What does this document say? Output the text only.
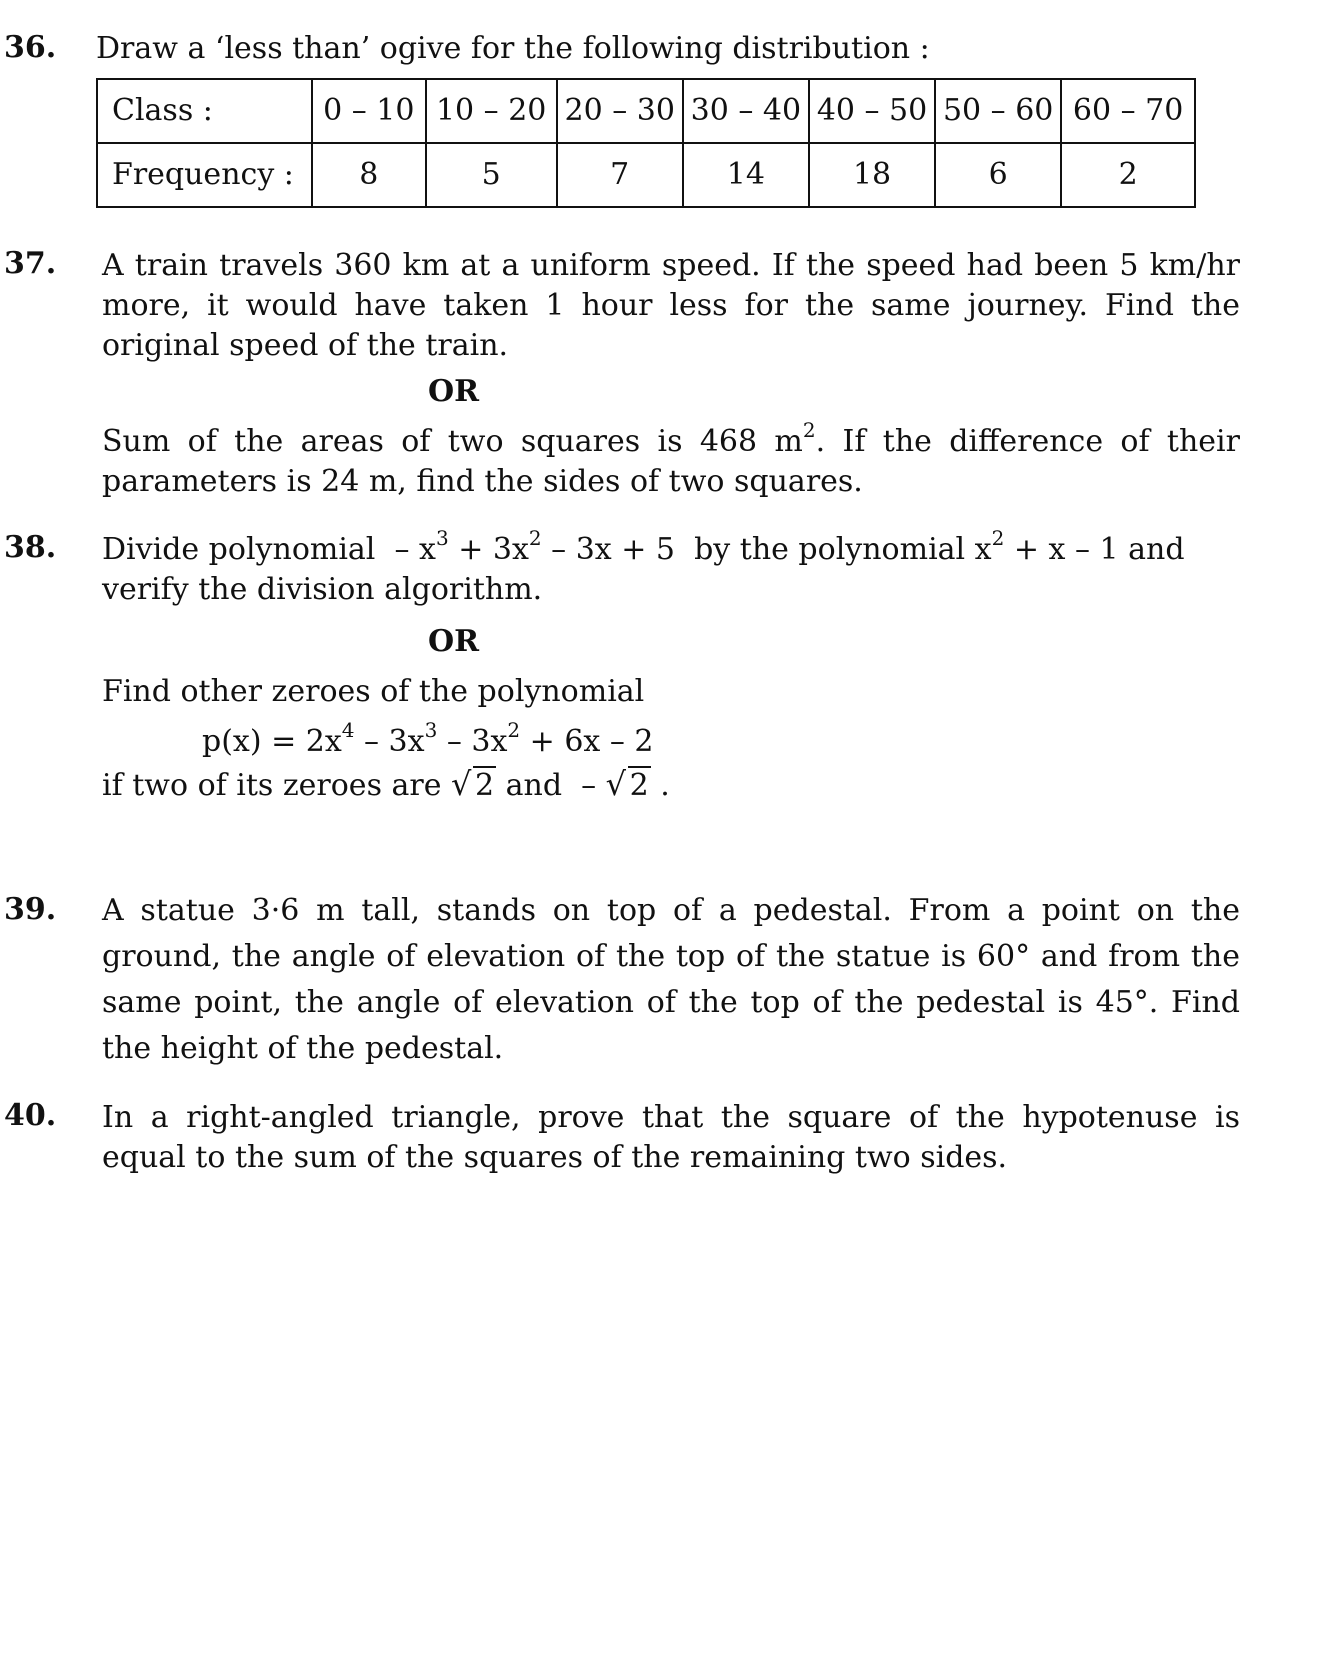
36. Draw a ‘less than’ ogive for the following distribution :
Class :	0 – 10	10 – 20	20 – 30	30 – 40	40 – 50	50 – 60	60 – 70
Frequency :	8	5	7	14	18	6	2
37. A train travels 360 km at a uniform speed. If the speed had been 5 km/hr more, it would have taken 1 hour less for the same journey. Find the original speed of the train.
OR
Sum of the areas of two squares is 468 $m^2$. If the difference of their parameters is 24 m, find the sides of two squares.
38. Divide polynomial  – $x^3 + 3x^2 - 3x + 5$  by the polynomial $x^2 + x - 1$ and verify the division algorithm.
OR
Find other zeroes of the polynomial
$p(x) = 2x^4 - 3x^3 - 3x^2 + 6x - 2$
if two of its zeroes are √ 2 and  – √ 2 .
39. A statue 3·6 m tall, stands on top of a pedestal. From a point on the ground, the angle of elevation of the top of the statue is 60° and from the same point, the angle of elevation of the top of the pedestal is 45°. Find the height of the pedestal.
40. In a right-angled triangle, prove that the square of the hypotenuse is equal to the sum of the squares of the remaining two sides.
